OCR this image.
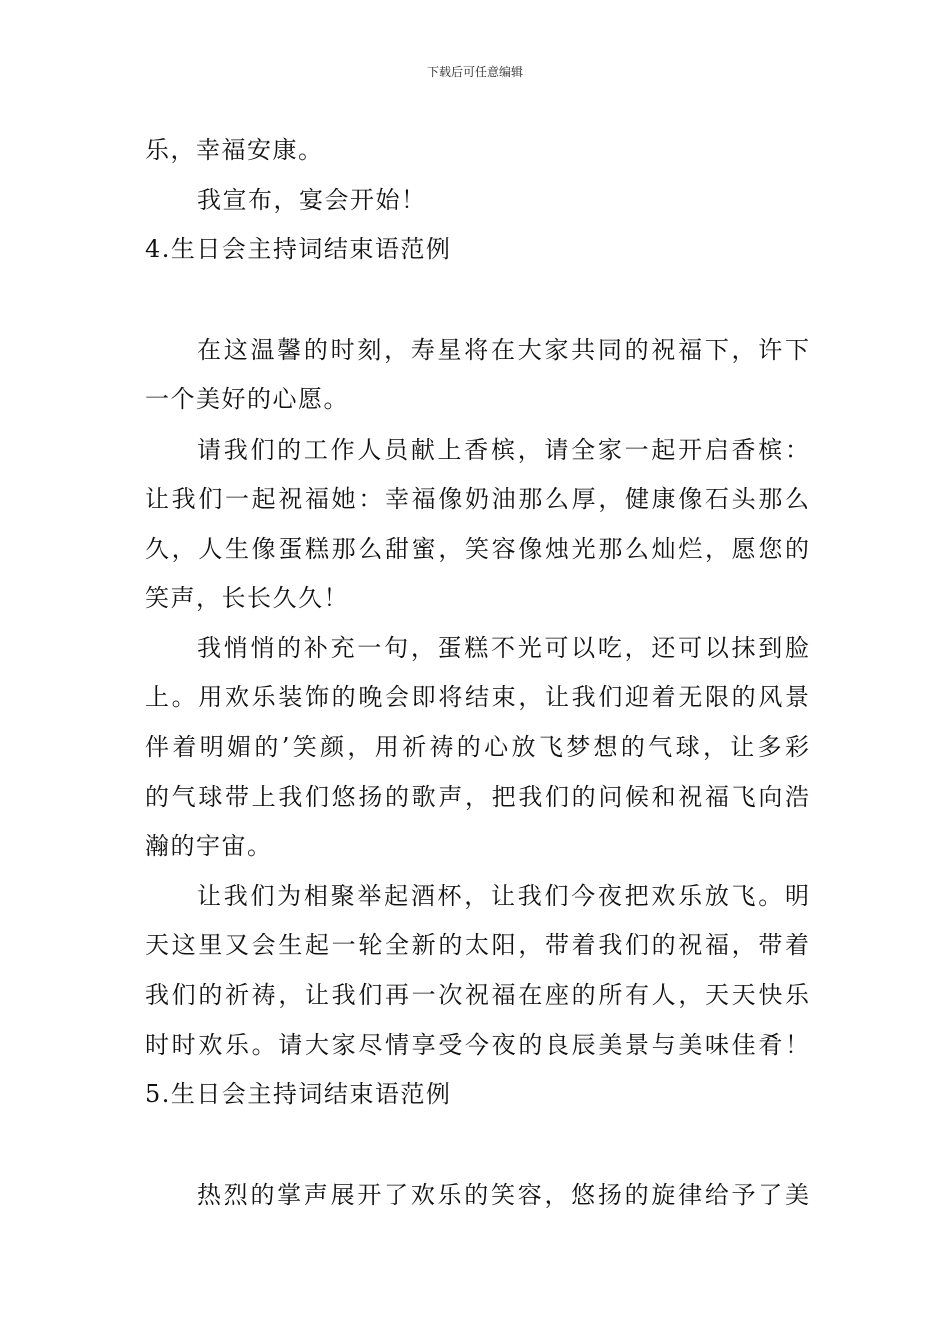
下载后可任意编辑
乐，幸福安康。
我宣布，宴会开始！
4.生日会主持词结束语范例
在这温馨的时刻，寿星将在大家共同的祝福下，许下
一个美好的心愿。
请我们的工作人员献上香槟，请全家一起开启香槟：
让我们一起祝福她：幸福像奶油那么厚，健康像石头那么
久，人生像蛋糕那么甜蜜，笑容像烛光那么灿烂，愿您的
笑声，长长久久！
我悄悄的补充一句，蛋糕不光可以吃，还可以抹到脸
上。用欢乐装饰的晚会即将结束，让我们迎着无限的风景
伴着明媚的’笑颜，用祈祷的心放飞梦想的气球，让多彩
的气球带上我们悠扬的歌声，把我们的问候和祝福飞向浩
瀚的宇宙。
让我们为相聚举起酒杯，让我们今夜把欢乐放飞。明
天这里又会生起一轮全新的太阳，带着我们的祝福，带着
我们的祈祷，让我们再一次祝福在座的所有人，天天快乐
时时欢乐。请大家尽情享受今夜的良辰美景与美味佳肴！
5.生日会主持词结束语范例
热烈的掌声展开了欢乐的笑容，悠扬的旋律给予了美
